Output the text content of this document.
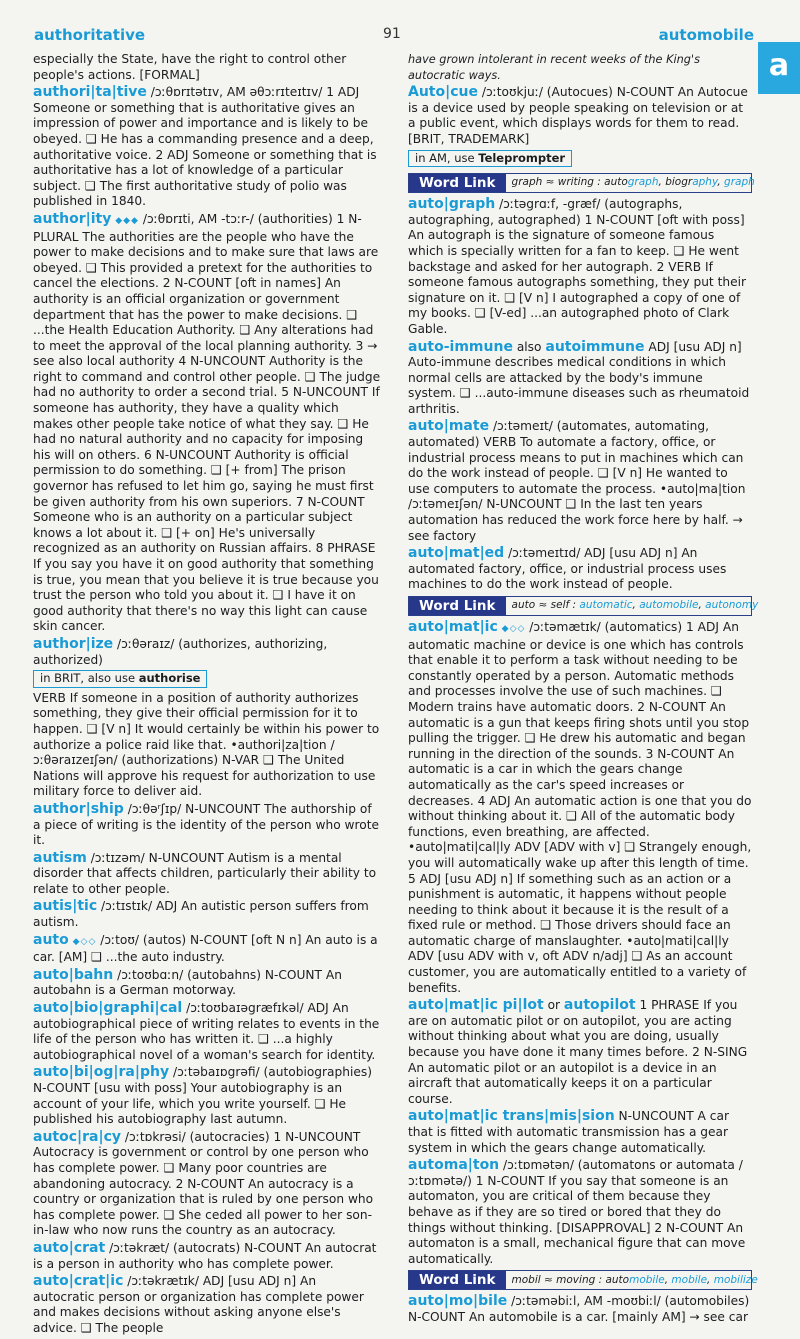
authoritative	91	automobile
a
especially the State, have the right to control other people's actions. [FORMAL]
authori|ta|tive /ɔːθɒrɪtətɪv, AM əθɔːrɪteɪtɪv/ 1 ADJ Someone or something that is authoritative gives an impression of power and importance and is likely to be obeyed. ❑ He has a commanding presence and a deep, authoritative voice. 2 ADJ Someone or something that is authoritative has a lot of knowledge of a particular subject. ❑ The first authoritative study of polio was published in 1840.
author|ity ◆◆◆ /ɔːθɒrɪti, AM -tɔːr-/ (authorities) 1 N-PLURAL The authorities are the people who have the power to make decisions and to make sure that laws are obeyed. ❑ This provided a pretext for the authorities to cancel the elections. 2 N-COUNT [oft in names] An authority is an official organization or government department that has the power to make decisions. ❑ ...the Health Education Authority. ❑ Any alterations had to meet the approval of the local planning authority. 3 → see also local authority 4 N-UNCOUNT Authority is the right to command and control other people. ❑ The judge had no authority to order a second trial. 5 N-UNCOUNT If someone has authority, they have a quality which makes other people take notice of what they say. ❑ He had no natural authority and no capacity for imposing his will on others. 6 N-UNCOUNT Authority is official permission to do something. ❑ [+ from] The prison governor has refused to let him go, saying he must first be given authority from his own superiors. 7 N-COUNT Someone who is an authority on a particular subject knows a lot about it. ❑ [+ on] He's universally recognized as an authority on Russian affairs. 8 PHRASE If you say you have it on good authority that something is true, you mean that you believe it is true because you trust the person who told you about it. ❑ I have it on good authority that there's no way this light can cause skin cancer.
author|ize /ɔːθəraɪz/ (authorizes, authorizing, authorized)
in BRIT, also use authorise
VERB If someone in a position of authority authorizes something, they give their official permission for it to happen. ❑ [V n] It would certainly be within his power to authorize a police raid like that. •authori|za|tion /ɔːθəraɪzeɪʃən/ (authorizations) N-VAR ❑ The United Nations will approve his request for authorization to use military force to deliver aid.
author|ship /ɔːθəʳʃɪp/ N-UNCOUNT The authorship of a piece of writing is the identity of the person who wrote it.
autism /ɔːtɪzəm/ N-UNCOUNT Autism is a mental disorder that affects children, particularly their ability to relate to other people.
autis|tic /ɔːtɪstɪk/ ADJ An autistic person suffers from autism.
auto ◆◇◇ /ɔːtoʊ/ (autos) N-COUNT [oft N n] An auto is a car. [AM] ❑ ...the auto industry.
auto|bahn /ɔːtoʊbɑːn/ (autobahns) N-COUNT An autobahn is a German motorway.
auto|bio|graphi|cal /ɔːtoʊbaɪəgræfɪkəl/ ADJ An autobiographical piece of writing relates to events in the life of the person who has written it. ❑ ...a highly autobiographical novel of a woman's search for identity.
auto|bi|og|ra|phy /ɔːtəbaɪɒgrəfi/ (autobiographies) N-COUNT [usu with poss] Your autobiography is an account of your life, which you write yourself. ❑ He published his autobiography last autumn.
autoc|ra|cy /ɔːtɒkrəsi/ (autocracies) 1 N-UNCOUNT Autocracy is government or control by one person who has complete power. ❑ Many poor countries are abandoning autocracy. 2 N-COUNT An autocracy is a country or organization that is ruled by one person who has complete power. ❑ She ceded all power to her son-in-law who now runs the country as an autocracy.
auto|crat /ɔːtəkræt/ (autocrats) N-COUNT An autocrat is a person in authority who has complete power.
auto|crat|ic /ɔːtəkrætɪk/ ADJ [usu ADJ n] An autocratic person or organization has complete power and makes decisions without asking anyone else's advice. ❑ The people
have grown intolerant in recent weeks of the King's autocratic ways.
Auto|cue /ɔːtoʊkjuː/ (Autocues) N-COUNT An Autocue is a device used by people speaking on television or at a public event, which displays words for them to read. [BRIT, TRADEMARK]
in AM, use Teleprompter
Word Link	graph ≈ writing : autograph, biography, graph
auto|graph /ɔːtəgrɑːf, -græf/ (autographs, autographing, autographed) 1 N-COUNT [oft with poss] An autograph is the signature of someone famous which is specially written for a fan to keep. ❑ He went backstage and asked for her autograph. 2 VERB If someone famous autographs something, they put their signature on it. ❑ [V n] I autographed a copy of one of my books. ❑ [V-ed] ...an autographed photo of Clark Gable.
auto-immune also autoimmune ADJ [usu ADJ n] Auto-immune describes medical conditions in which normal cells are attacked by the body's immune system. ❑ ...auto-immune diseases such as rheumatoid arthritis.
auto|mate /ɔːtəmeɪt/ (automates, automating, automated) VERB To automate a factory, office, or industrial process means to put in machines which can do the work instead of people. ❑ [V n] He wanted to use computers to automate the process. •auto|ma|tion /ɔːtəmeɪʃən/ N-UNCOUNT ❑ In the last ten years automation has reduced the work force here by half. → see factory
auto|mat|ed /ɔːtəmeɪtɪd/ ADJ [usu ADJ n] An automated factory, office, or industrial process uses machines to do the work instead of people.
Word Link	auto ≈ self : automatic, automobile, autonomy
auto|mat|ic ◆◇◇ /ɔːtəmætɪk/ (automatics) 1 ADJ An automatic machine or device is one which has controls that enable it to perform a task without needing to be constantly operated by a person. Automatic methods and processes involve the use of such machines. ❑ Modern trains have automatic doors. 2 N-COUNT An automatic is a gun that keeps firing shots until you stop pulling the trigger. ❑ He drew his automatic and began running in the direction of the sounds. 3 N-COUNT An automatic is a car in which the gears change automatically as the car's speed increases or decreases. 4 ADJ An automatic action is one that you do without thinking about it. ❑ All of the automatic body functions, even breathing, are affected. •auto|mati|cal|ly ADV [ADV with v] ❑ Strangely enough, you will automatically wake up after this length of time. 5 ADJ [usu ADJ n] If something such as an action or a punishment is automatic, it happens without people needing to think about it because it is the result of a fixed rule or method. ❑ Those drivers should face an automatic charge of manslaughter. •auto|mati|cal|ly ADV [usu ADV with v, oft ADV n/adj] ❑ As an account customer, you are automatically entitled to a variety of benefits.
auto|mat|ic pi|lot or autopilot 1 PHRASE If you are on automatic pilot or on autopilot, you are acting without thinking about what you are doing, usually because you have done it many times before. 2 N-SING An automatic pilot or an autopilot is a device in an aircraft that automatically keeps it on a particular course.
auto|mat|ic trans|mis|sion N-UNCOUNT A car that is fitted with automatic transmission has a gear system in which the gears change automatically.
automa|ton /ɔːtɒmətən/ (automatons or automata /ɔːtɒmətə/) 1 N-COUNT If you say that someone is an automaton, you are critical of them because they behave as if they are so tired or bored that they do things without thinking. [DISAPPROVAL] 2 N-COUNT An automaton is a small, mechanical figure that can move automatically.
Word Link	mobil ≈ moving : automobile, mobile, mobilize
auto|mo|bile /ɔːtəməbiːl, AM -moʊbiːl/ (automobiles) N-COUNT An automobile is a car. [mainly AM] → see car
